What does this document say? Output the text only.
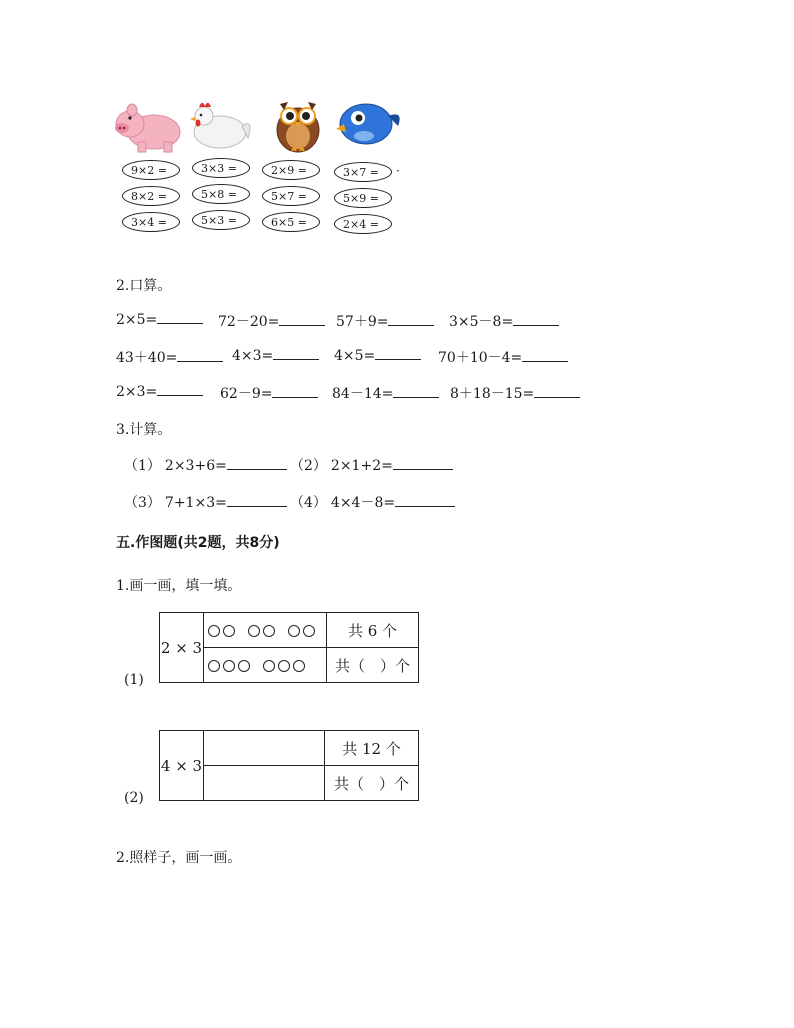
9×2 =
8×2 =
3×4 =
3×3 =
5×8 =
5×3 =
2×9 =
5×7 =
6×5 =
3×7 =
5×9 =
2×4 =
·
2.口算。
2×5=	72－20=	57＋9=	3×5－8=
43＋40=	4×3=	4×5=	70＋10－4=
2×3=	62－9=	84－14=	8＋18－15=
3.计算。
（1） 2×3+6=	（2） 2×1+2=
（3） 7+1×3=	（4） 4×4－8=
五.作图题(共2题，共8分)
1.画一画，填一填。
2 × 3		共 6 个
		共（　）个
(1)
4 × 3		共 12 个
		共（　）个
(2)
2.照样子，画一画。
